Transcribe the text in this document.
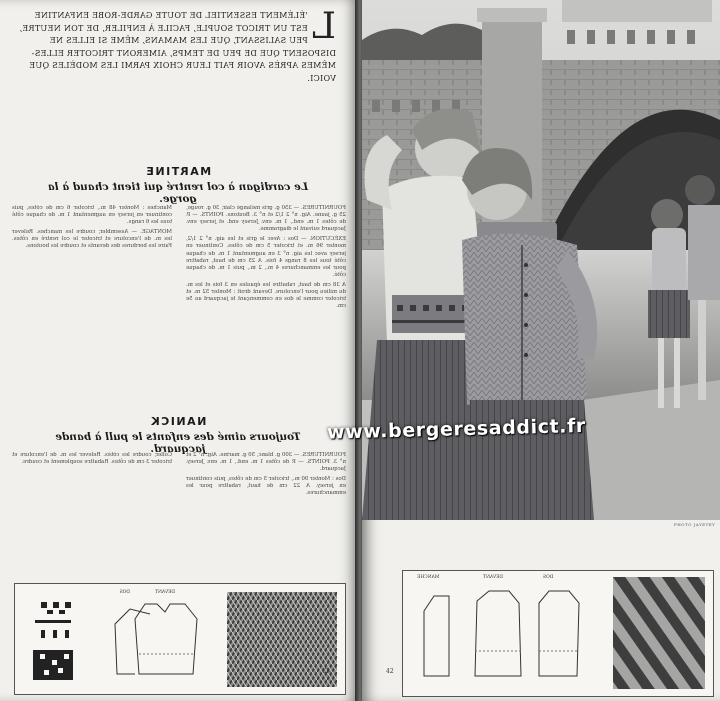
L
'ÉLÉMENT ESSENTIEL DE TOUTE GARDE-ROBE ENFANTINE EST UN TRICOT SOUPLE, FACILE À ENFILER, DE TON NEUTRE, PEU SALISSANT, QUE LES MAMANS, MÊME SI ELLES NE DISPOSENT QUE DE PEU DE TEMPS, AIMERONT TRICOTER ELLES-MÊMES APRÈS AVOIR FAIT LEUR CHOIX PARMI LES MODÈLES QUE VOICI.
MARTINE
Le cardigan à col rentré qui tient chaud à la gorge.

FOURNITURES. — 350 g. gris mélangé clair, 30 g. rouge, 25 g. jaune. Aig. n° 2 1/2 et n° 3. Boutons. POINTS. — P. de côtes 1 m. end., 1 m. env. Jersey end. et jersey env. Jacquard suivant le diagramme.

EXÉCUTION. — Dos : Avec le gris et les aig. n° 2 1/2, monter 96 m. et tricoter 5 cm de côtes. Continuer en jersey avec les aig. n° 3 en augmentant 1 m. de chaque côté tous les 8 rangs 4 fois. A 25 cm de haut, rabattre pour les emmanchures 4 m., 2 m., puis 1 m. de chaque côté.

A 38 cm de haut, rabattre les épaules en 3 fois et les m. du milieu pour l'encolure. Devant droit : Monter 52 m. et tricoter comme le dos en commençant le jacquard au 5e cm.

Manches : Monter 48 m., tricoter 6 cm de côtes, puis continuer en jersey en augmentant 1 m. de chaque côté tous les 6 rangs.

MONTAGE. — Assembler, coudre les manches. Relever les m. de l'encolure et tricoter le col rentré en côtes. Faire les bordures des devants et coudre les boutons.

NANICK
Toujours aimé des enfants le pull à bande jacquard.

FOURNITURES. — 300 g. blanc, 50 g. marine. Aig. n° 2 et n° 3. POINTS. — P. de côtes 1 m. end., 1 m. env. Jersey. Jacquard.

Dos : Monter 90 m., tricoter 5 cm de côtes, puis continuer en jersey. A 22 cm de haut, rabattre pour les emmanchures.

Coller, coudre les côtés. Relever les m. de l'encolure et tricoter 3 cm de côtes. Rabattre souplement et coudre.

DEVANT
DOS
43
PHOTO JAYETEY
MANCHE	DEVANT	DOS
42
www.bergeresaddict.fr
